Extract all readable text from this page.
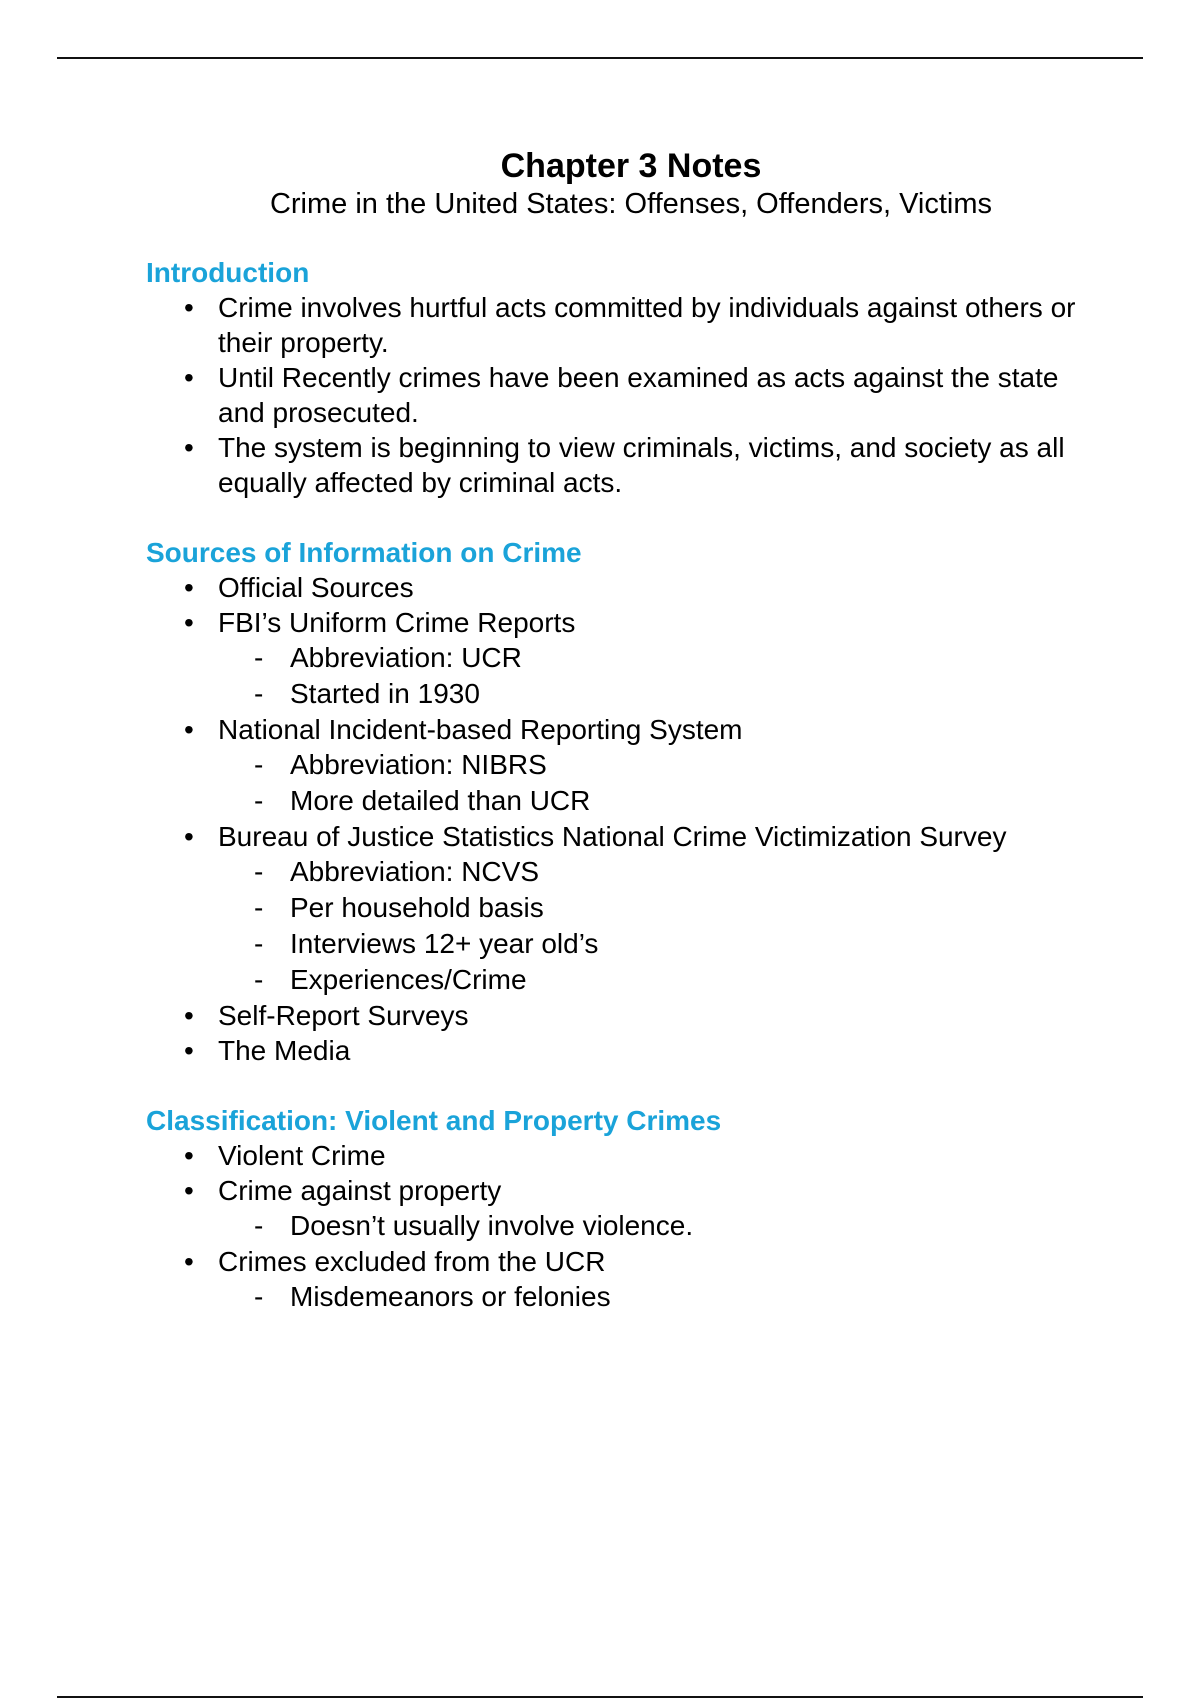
Chapter 3 Notes

Crime in the United States: Offenses, Offenders, Victims

Introduction
• Crime involves hurtful acts committed by individuals against others or their property.
• Until Recently crimes have been examined as acts against the state and prosecuted.
• The system is beginning to view criminals, victims, and society as all equally affected by criminal acts.
Sources of Information on Crime
• Official Sources
• FBI’s Uniform Crime Reports
- Abbreviation: UCR
- Started in 1930
• National Incident-based Reporting System
- Abbreviation: NIBRS
- More detailed than UCR
• Bureau of Justice Statistics National Crime Victimization Survey
- Abbreviation: NCVS
- Per household basis
- Interviews 12+ year old’s
- Experiences/Crime
• Self-Report Surveys
• The Media
Classification: Violent and Property Crimes
• Violent Crime
• Crime against property
- Doesn’t usually involve violence.
• Crimes excluded from the UCR
- Misdemeanors or felonies
